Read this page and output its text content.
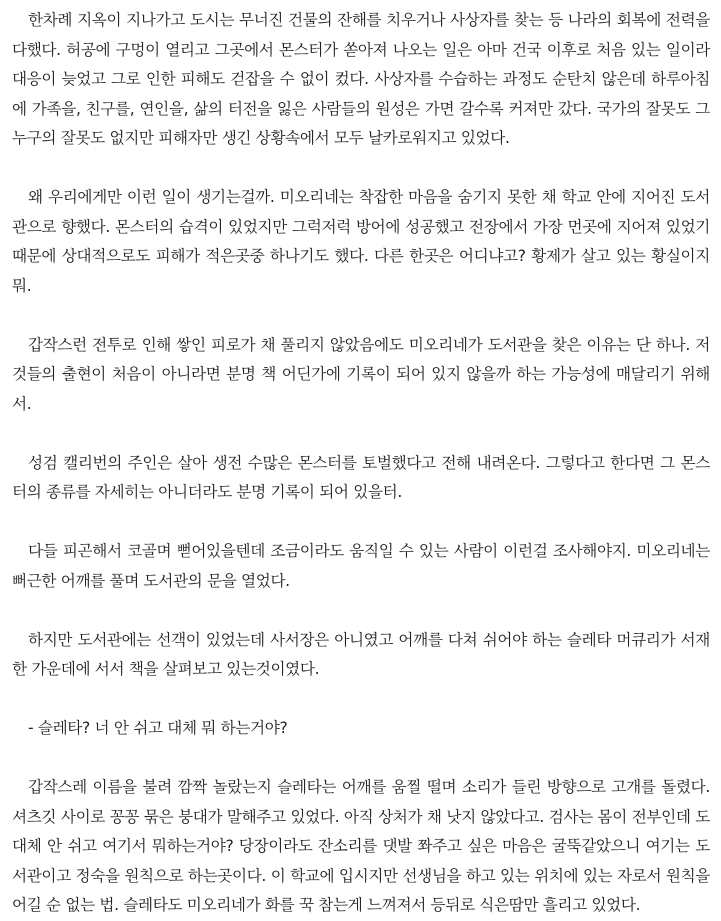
한차례 지옥이 지나가고 도시는 무너진 건물의 잔해를 치우거나 사상자를 찾는 등 나라의 회복에 전력을 다했다. 허공에 구멍이 열리고 그곳에서 몬스터가 쏟아져 나오는 일은 아마 건국 이후로 처음 있는 일이라 대응이 늦었고 그로 인한 피해도 걷잡을 수 없이 컸다. 사상자를 수습하는 과정도 순탄치 않은데 하루아침에 가족을, 친구를, 연인을, 삶의 터전을 잃은 사람들의 원성은 가면 갈수록 커져만 갔다. 국가의 잘못도 그 누구의 잘못도 없지만 피해자만 생긴 상황속에서 모두 날카로워지고 있었다.

왜 우리에게만 이런 일이 생기는걸까. 미오리네는 착잡한 마음을 숨기지 못한 채 학교 안에 지어진 도서관으로 향했다. 몬스터의 습격이 있었지만 그럭저럭 방어에 성공했고 전장에서 가장 먼곳에 지어져 있었기 때문에 상대적으로도 피해가 적은곳중 하나기도 했다. 다른 한곳은 어디냐고? 황제가 살고 있는 황실이지 뭐.

갑작스런 전투로 인해 쌓인 피로가 채 풀리지 않았음에도 미오리네가 도서관을 찾은 이유는 단 하나. 저것들의 출현이 처음이 아니라면 분명 책 어딘가에 기록이 되어 있지 않을까 하는 가능성에 매달리기 위해서.

성검 캘리번의 주인은 살아 생전 수많은 몬스터를 토벌했다고 전해 내려온다. 그렇다고 한다면 그 몬스터의 종류를 자세히는 아니더라도 분명 기록이 되어 있을터.

다들 피곤해서 코골며 뻗어있을텐데 조금이라도 움직일 수 있는 사람이 이런걸 조사해야지. 미오리네는 뻐근한 어깨를 풀며 도서관의 문을 열었다.

하지만 도서관에는 선객이 있었는데 사서장은 아니였고 어깨를 다쳐 쉬어야 하는 슬레타 머큐리가 서재 한 가운데에 서서 책을 살펴보고 있는것이였다.

- 슬레타? 너 안 쉬고 대체 뭐 하는거야?

갑작스레 이름을 불려 깜짝 놀랐는지 슬레타는 어깨를 움찔 떨며 소리가 들린 방향으로 고개를 돌렸다. 셔츠깃 사이로 꽁꽁 묶은 붕대가 말해주고 있었다. 아직 상처가 채 낫지 않았다고. 검사는 몸이 전부인데 도대체 안 쉬고 여기서 뭐하는거야? 당장이라도 잔소리를 댓발 쫘주고 싶은 마음은 굴뚝같았으니 여기는 도서관이고 정숙을 원칙으로 하는곳이다. 이 학교에 입시지만 선생님을 하고 있는 위치에 있는 자로서 원칙을 어길 순 없는 법. 슬레타도 미오리네가 화를 꾹 참는게 느껴져서 등뒤로 식은땀만 흘리고 있었다.
